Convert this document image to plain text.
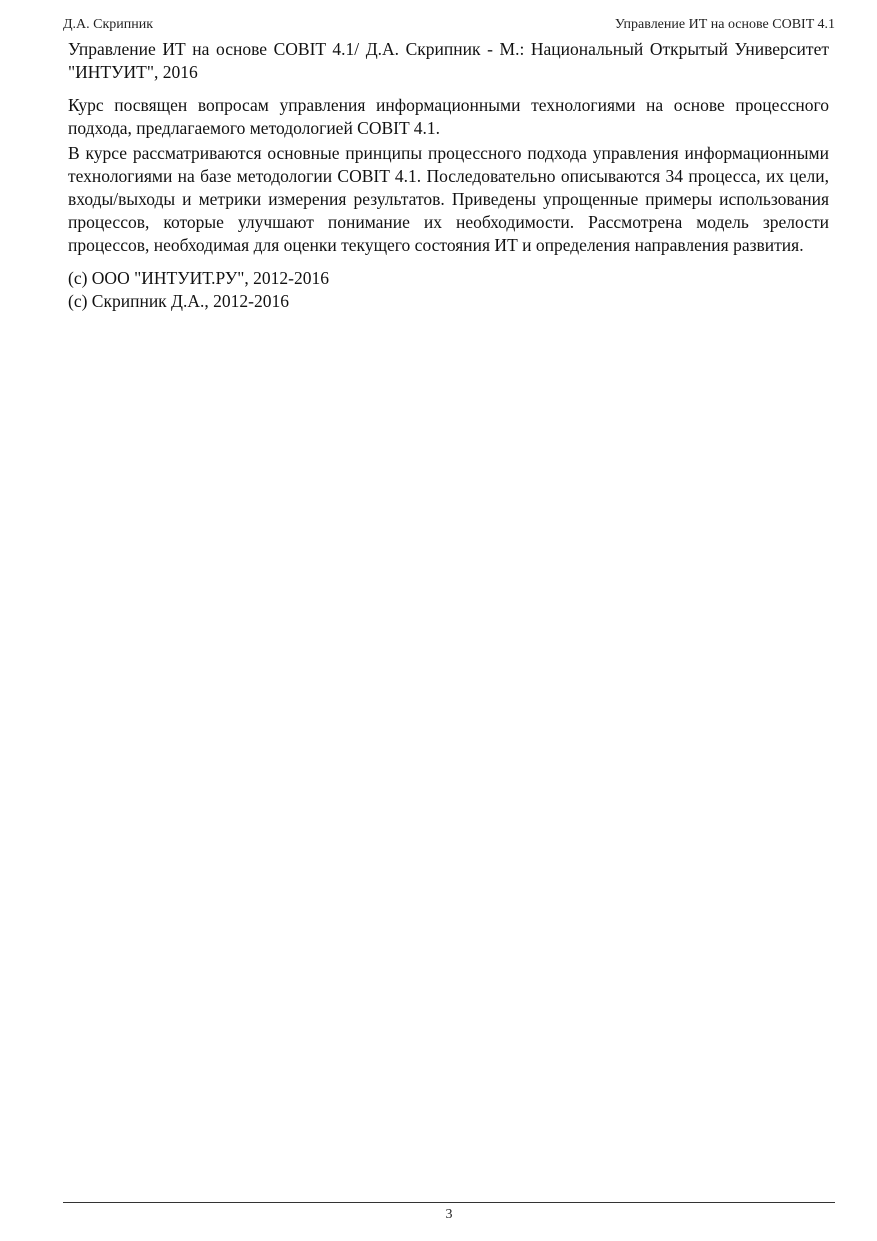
Д.А. Скрипник	Управление ИТ на основе COBIT 4.1

Управление ИТ на основе COBIT 4.1/ Д.А. Скрипник - М.: Национальный Открытый Университет "ИНТУИТ", 2016

Курс посвящен вопросам управления информационными технологиями на основе процессного подхода, предлагаемого методологией COBIT 4.1.

В курсе рассматриваются основные принципы процессного подхода управления информационными технологиями на базе методологии COBIT 4.1. Последовательно описываются 34 процесса, их цели, входы/выходы и метрики измерения результатов. Приведены упрощенные примеры использования процессов, которые улучшают понимание их необходимости. Рассмотрена модель зрелости процессов, необходимая для оценки текущего состояния ИТ и определения направления развития.

(с) ООО "ИНТУИТ.РУ", 2012-2016

(с) Скрипник Д.А., 2012-2016

3
